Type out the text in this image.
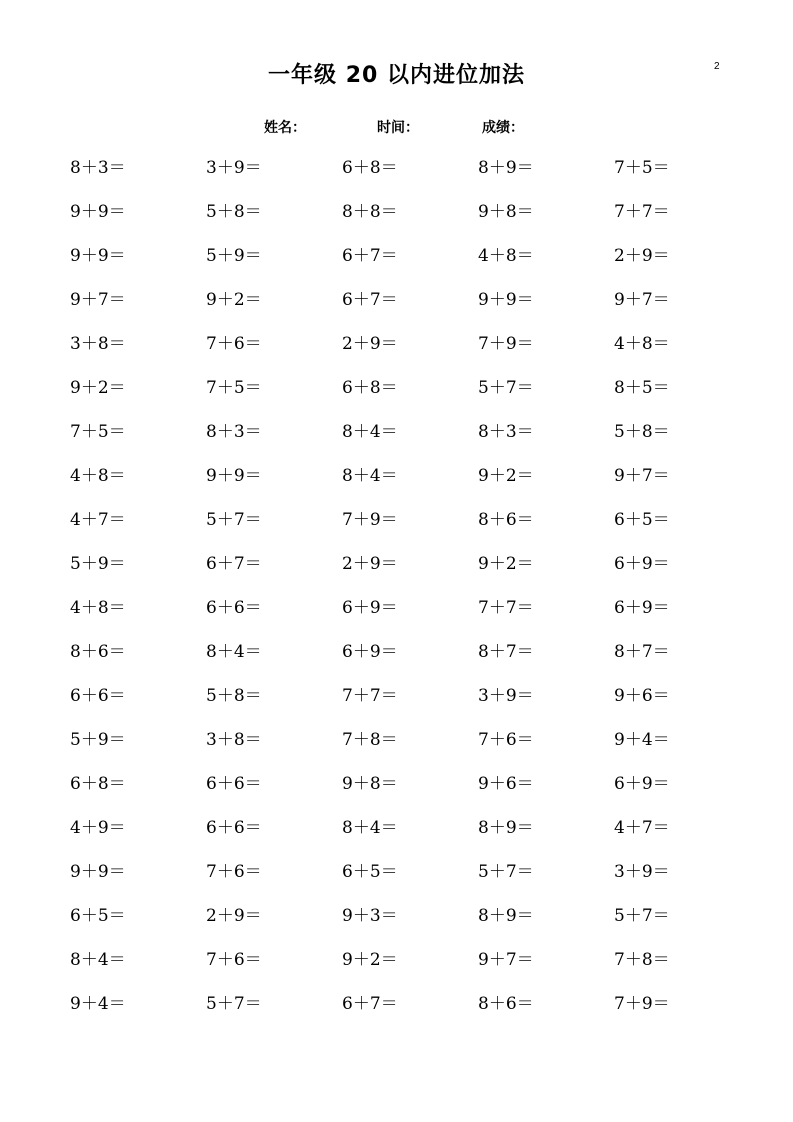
2
一年级 20 以内进位加法
姓名：	时间：	成绩：
8＋3＝	3＋9＝	6＋8＝	8＋9＝	7＋5＝
9＋9＝	5＋8＝	8＋8＝	9＋8＝	7＋7＝
9＋9＝	5＋9＝	6＋7＝	4＋8＝	2＋9＝
9＋7＝	9＋2＝	6＋7＝	9＋9＝	9＋7＝
3＋8＝	7＋6＝	2＋9＝	7＋9＝	4＋8＝
9＋2＝	7＋5＝	6＋8＝	5＋7＝	8＋5＝
7＋5＝	8＋3＝	8＋4＝	8＋3＝	5＋8＝
4＋8＝	9＋9＝	8＋4＝	9＋2＝	9＋7＝
4＋7＝	5＋7＝	7＋9＝	8＋6＝	6＋5＝
5＋9＝	6＋7＝	2＋9＝	9＋2＝	6＋9＝
4＋8＝	6＋6＝	6＋9＝	7＋7＝	6＋9＝
8＋6＝	8＋4＝	6＋9＝	8＋7＝	8＋7＝
6＋6＝	5＋8＝	7＋7＝	3＋9＝	9＋6＝
5＋9＝	3＋8＝	7＋8＝	7＋6＝	9＋4＝
6＋8＝	6＋6＝	9＋8＝	9＋6＝	6＋9＝
4＋9＝	6＋6＝	8＋4＝	8＋9＝	4＋7＝
9＋9＝	7＋6＝	6＋5＝	5＋7＝	3＋9＝
6＋5＝	2＋9＝	9＋3＝	8＋9＝	5＋7＝
8＋4＝	7＋6＝	9＋2＝	9＋7＝	7＋8＝
9＋4＝	5＋7＝	6＋7＝	8＋6＝	7＋9＝
